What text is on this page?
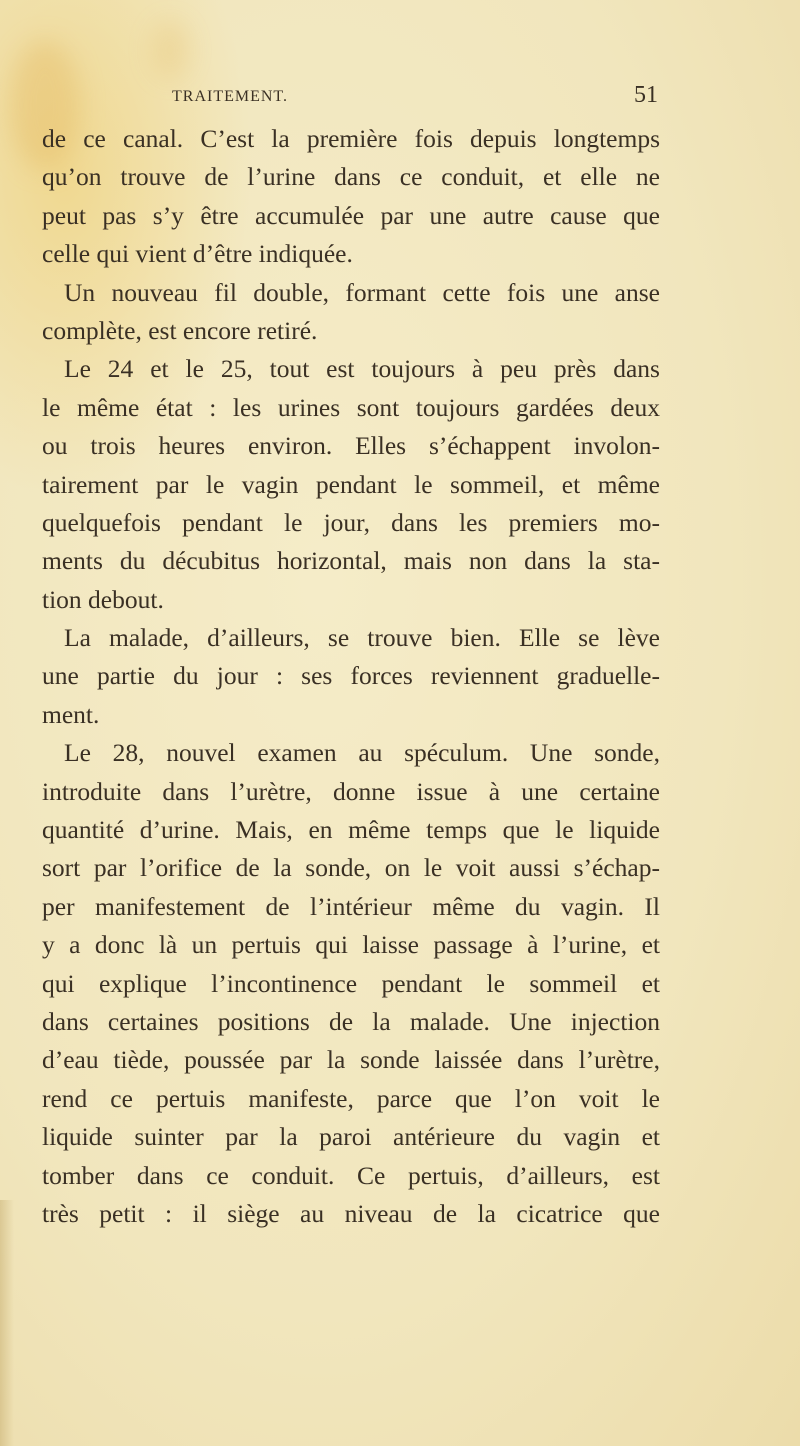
TRAITEMENT.	51
de ce canal. C’est la première fois depuis longtemps
qu’on trouve de l’urine dans ce conduit, et elle ne
peut pas s’y être accumulée par une autre cause que
celle qui vient d’être indiquée.
Un nouveau fil double, formant cette fois une anse
complète, est encore retiré.
Le 24 et le 25, tout est toujours à peu près dans
le même état : les urines sont toujours gardées deux
ou trois heures environ. Elles s’échappent involon-
tairement par le vagin pendant le sommeil, et même
quelquefois pendant le jour, dans les premiers mo-
ments du décubitus horizontal, mais non dans la sta-
tion debout.
La malade, d’ailleurs, se trouve bien. Elle se lève
une partie du jour : ses forces reviennent graduelle-
ment.
Le 28, nouvel examen au spéculum. Une sonde,
introduite dans l’urètre, donne issue à une certaine
quantité d’urine. Mais, en même temps que le liquide
sort par l’orifice de la sonde, on le voit aussi s’échap-
per manifestement de l’intérieur même du vagin. Il
y a donc là un pertuis qui laisse passage à l’urine, et
qui explique l’incontinence pendant le sommeil et
dans certaines positions de la malade. Une injection
d’eau tiède, poussée par la sonde laissée dans l’urètre,
rend ce pertuis manifeste, parce que l’on voit le
liquide suinter par la paroi antérieure du vagin et
tomber dans ce conduit. Ce pertuis, d’ailleurs, est
très petit : il siège au niveau de la cicatrice que
